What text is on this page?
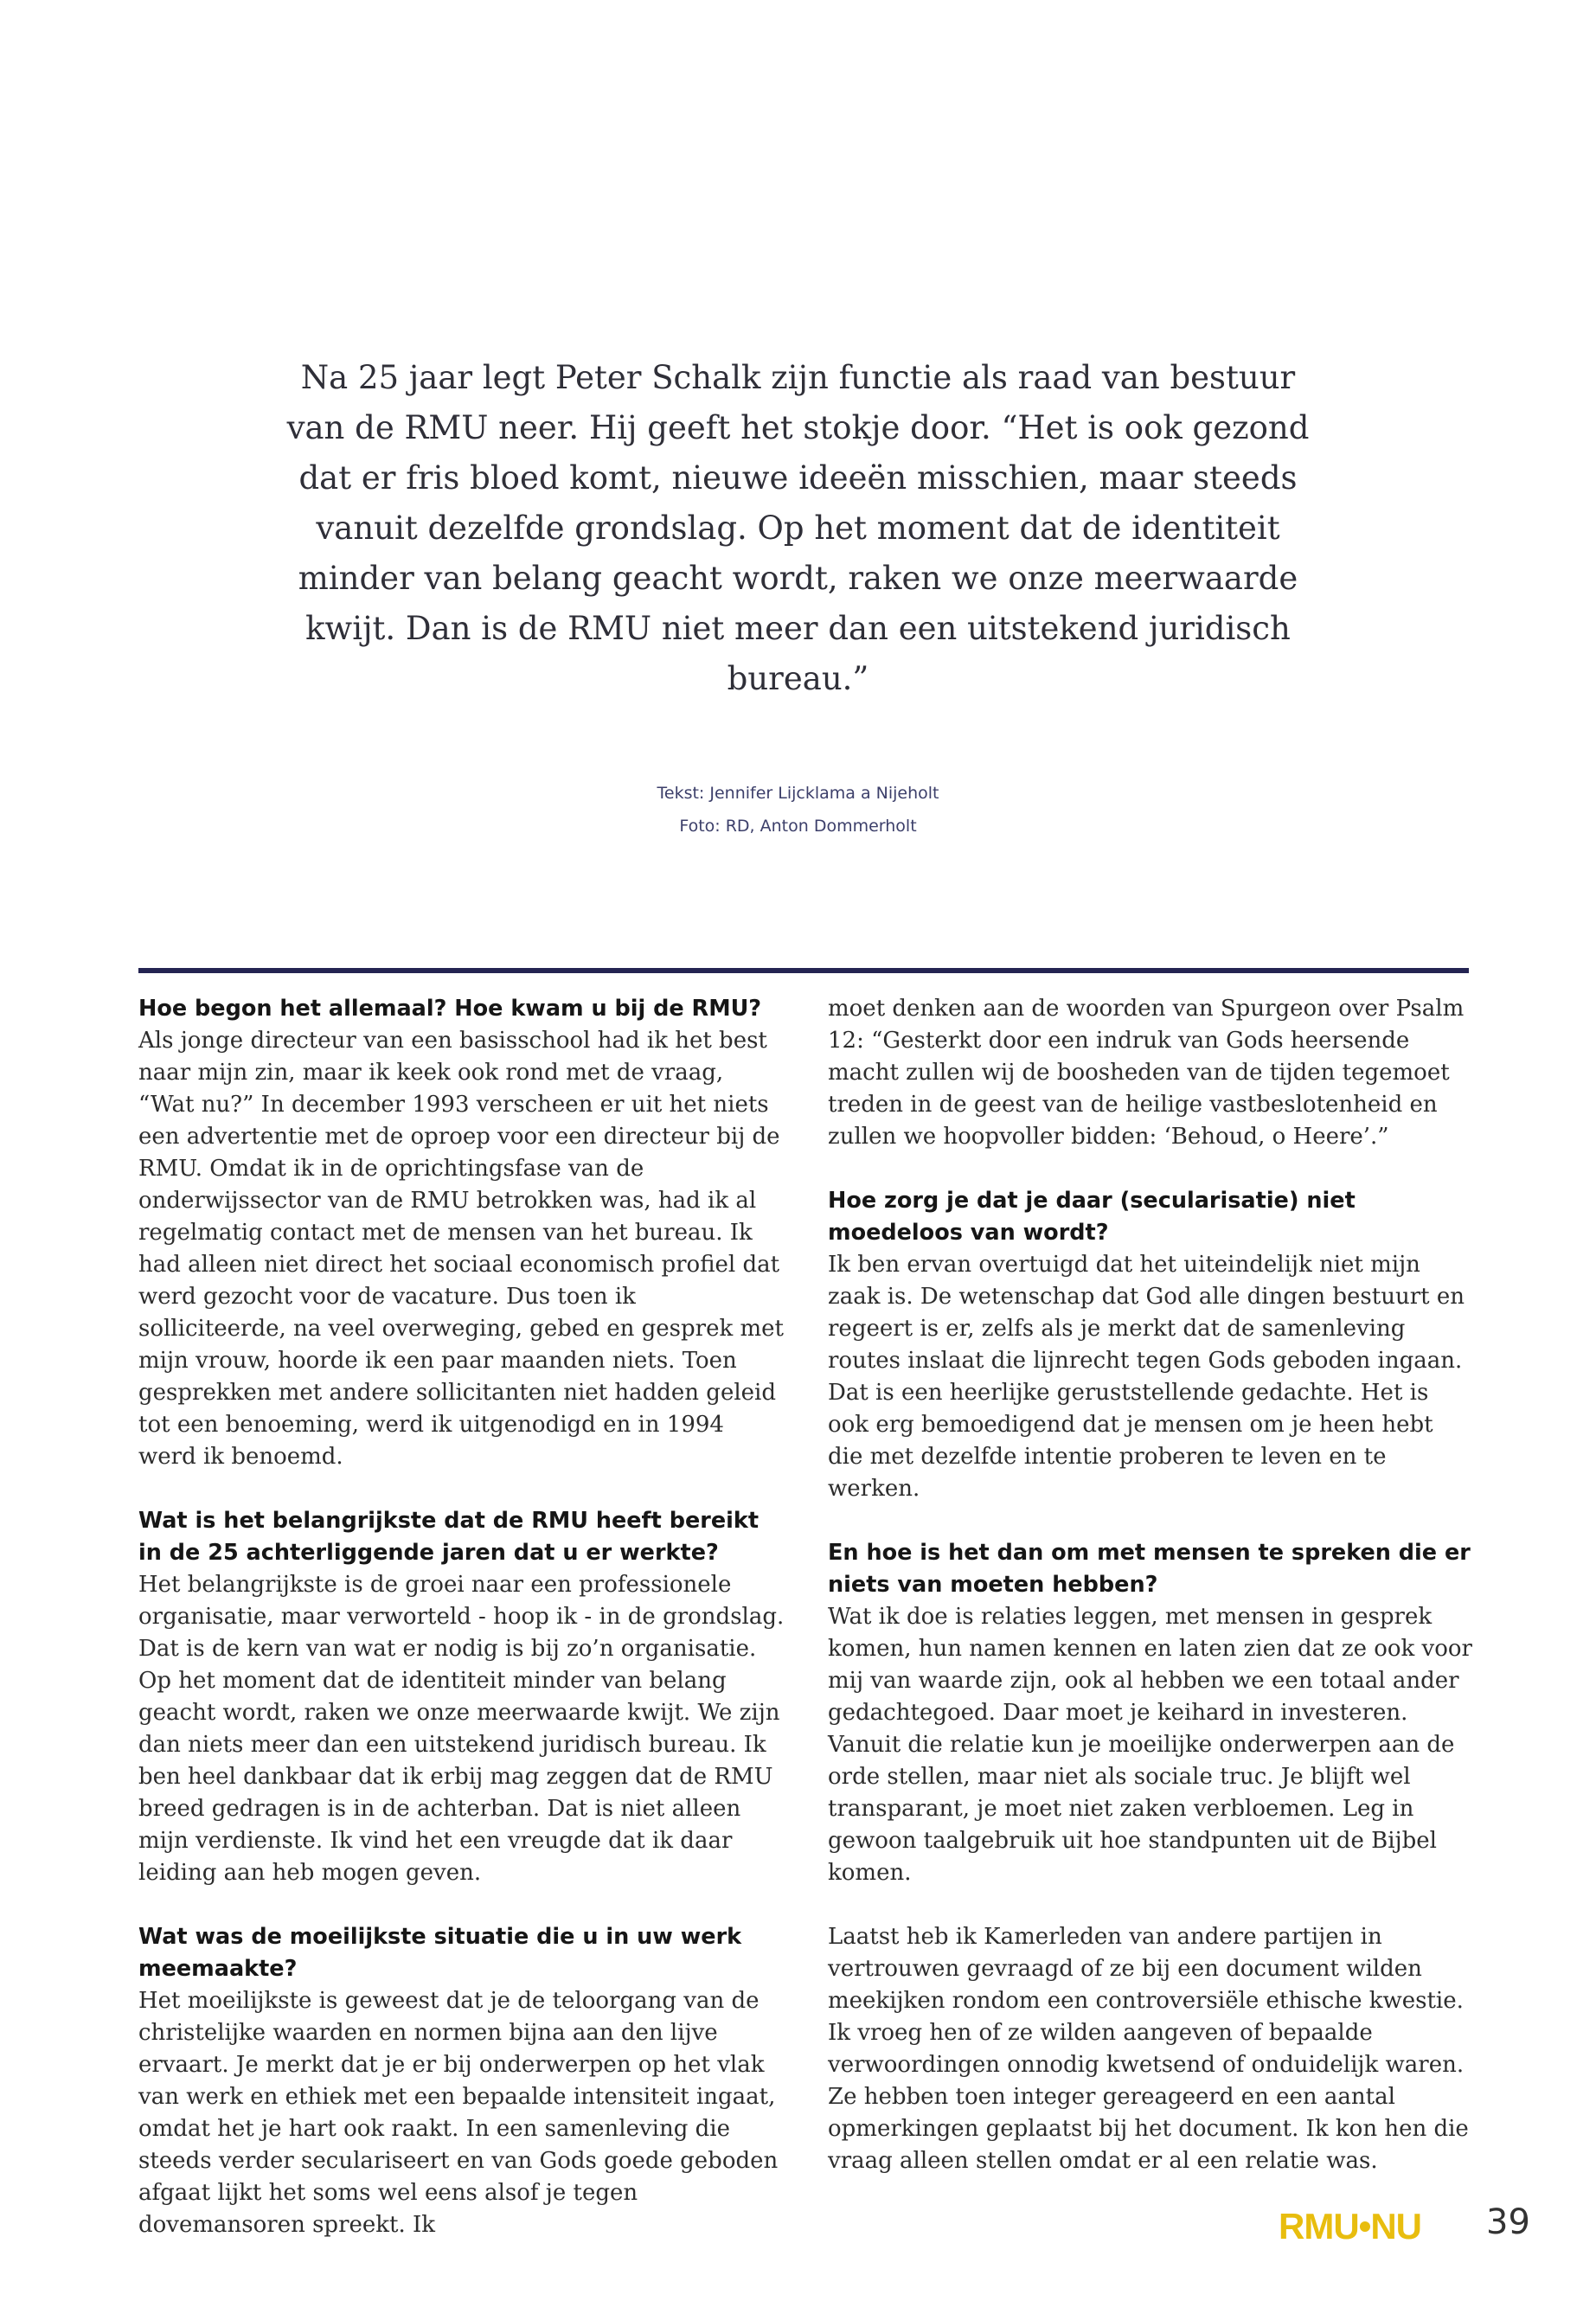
Na 25 jaar legt Peter Schalk zijn functie als raad van bestuur van de RMU neer. Hij geeft het stokje door. “Het is ook gezond dat er fris bloed komt, nieuwe ideeën misschien, maar steeds vanuit dezelfde grondslag. Op het moment dat de identiteit minder van belang geacht wordt, raken we onze meerwaarde kwijt. Dan is de RMU niet meer dan een uitstekend juridisch bureau.”
Tekst: Jennifer Lijcklama a Nijeholt
Foto: RD, Anton Dommerholt
Hoe begon het allemaal? Hoe kwam u bij de RMU?

Als jonge directeur van een basisschool had ik het best naar mijn zin, maar ik keek ook rond met de vraag, “Wat nu?” In december 1993 verscheen er uit het niets een advertentie met de oproep voor een directeur bij de RMU. Omdat ik in de oprichtingsfase van de onderwijssector van de RMU betrokken was, had ik al regelmatig contact met de mensen van het bureau. Ik had alleen niet direct het sociaal economisch profiel dat werd gezocht voor de vacature. Dus toen ik solliciteerde, na veel overweging, gebed en gesprek met mijn vrouw, hoorde ik een paar maanden niets. Toen gesprekken met andere sollicitanten niet hadden geleid tot een benoeming, werd ik uitgenodigd en in 1994 werd ik benoemd.

Wat is het belangrijkste dat de RMU heeft bereikt in de 25 achterliggende jaren dat u er werkte?

Het belangrijkste is de groei naar een professionele organisatie, maar verworteld - hoop ik - in de grondslag. Dat is de kern van wat er nodig is bij zo’n organisatie. Op het moment dat de identiteit minder van belang geacht wordt, raken we onze meerwaarde kwijt. We zijn dan niets meer dan een uitstekend juridisch bureau. Ik ben heel dankbaar dat ik erbij mag zeggen dat de RMU breed gedragen is in de achterban. Dat is niet alleen mijn verdienste. Ik vind het een vreugde dat ik daar leiding aan heb mogen geven.

Wat was de moeilijkste situatie die u in uw werk meemaakte?

Het moeilijkste is geweest dat je de teloorgang van de christelijke waarden en normen bijna aan den lijve ervaart. Je merkt dat je er bij onderwerpen op het vlak van werk en ethiek met een bepaalde intensiteit ingaat, omdat het je hart ook raakt. In een samenleving die steeds verder seculariseert en van Gods goede geboden afgaat lijkt het soms wel eens alsof je tegen dovemansoren spreekt. Ik

moet denken aan de woorden van Spurgeon over Psalm 12: “Gesterkt door een indruk van Gods heersende macht zullen wij de boosheden van de tijden tegemoet treden in de geest van de heilige vastbeslotenheid en zullen we hoopvoller bidden: ‘Behoud, o Heere’.”

Hoe zorg je dat je daar (secularisatie) niet moedeloos van wordt?

Ik ben ervan overtuigd dat het uiteindelijk niet mijn zaak is. De wetenschap dat God alle dingen bestuurt en regeert is er, zelfs als je merkt dat de samenleving routes inslaat die lijnrecht tegen Gods geboden ingaan. Dat is een heerlijke geruststellende gedachte. Het is ook erg bemoedigend dat je mensen om je heen hebt die met dezelfde intentie proberen te leven en te werken.

En hoe is het dan om met mensen te spreken die er niets van moeten hebben?

Wat ik doe is relaties leggen, met mensen in gesprek komen, hun namen kennen en laten zien dat ze ook voor mij van waarde zijn, ook al hebben we een totaal ander gedachtegoed. Daar moet je keihard in investeren. Vanuit die relatie kun je moeilijke onderwerpen aan de orde stellen, maar niet als sociale truc. Je blijft wel transparant, je moet niet zaken verbloemen. Leg in gewoon taalgebruik uit hoe standpunten uit de Bijbel komen.

Laatst heb ik Kamerleden van andere partijen in vertrouwen gevraagd of ze bij een document wilden meekijken rondom een controversiële ethische kwestie. Ik vroeg hen of ze wilden aangeven of bepaalde verwoordingen onnodig kwetsend of onduidelijk waren. Ze hebben toen integer gereageerd en een aantal opmerkingen geplaatst bij het document. Ik kon hen die vraag alleen stellen omdat er al een relatie was.

RMU•NU 39
